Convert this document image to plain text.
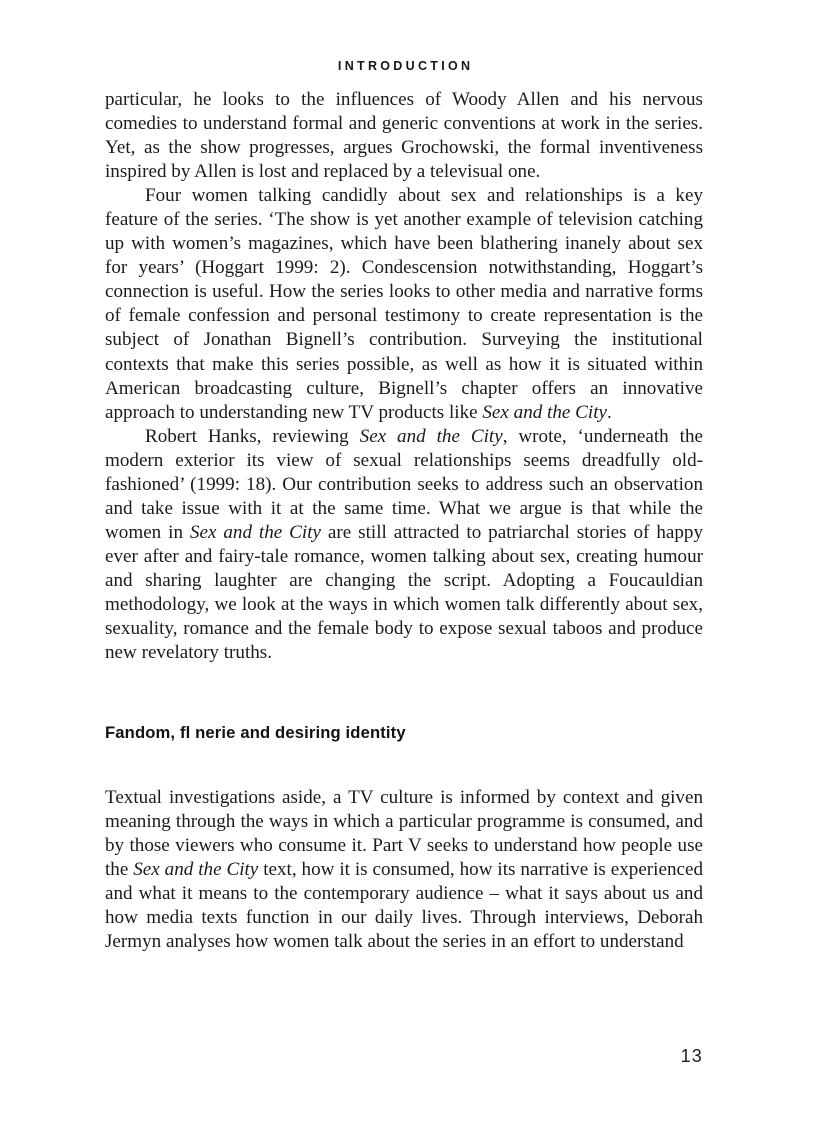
INTRODUCTION

particular, he looks to the influences of Woody Allen and his nervous comedies to understand formal and generic conventions at work in the series. Yet, as the show progresses, argues Grochowski, the formal inventiveness inspired by Allen is lost and replaced by a televisual one.

Four women talking candidly about sex and relationships is a key feature of the series. ‘The show is yet another example of television catching up with women’s magazines, which have been blathering inanely about sex for years’ (Hoggart 1999: 2). Condescension notwithstanding, Hoggart’s connection is useful. How the series looks to other media and narrative forms of female confession and personal testimony to create representation is the subject of Jonathan Bignell’s contribution. Surveying the institutional contexts that make this series possible, as well as how it is situated within American broadcasting culture, Bignell’s chapter offers an innovative approach to understanding new TV products like Sex and the City.

Robert Hanks, reviewing Sex and the City, wrote, ‘underneath the modern exterior its view of sexual relationships seems dreadfully old-fashioned’ (1999: 18). Our contribution seeks to address such an observation and take issue with it at the same time. What we argue is that while the women in Sex and the City are still attracted to patriarchal stories of happy ever after and fairy-tale romance, women talking about sex, creating humour and sharing laughter are changing the script. Adopting a Foucauldian methodology, we look at the ways in which women talk differently about sex, sexuality, romance and the female body to expose sexual taboos and produce new revelatory truths.

Fandom, fl nerie and desiring identity

Textual investigations aside, a TV culture is informed by context and given meaning through the ways in which a particular programme is consumed, and by those viewers who consume it. Part V seeks to understand how people use the Sex and the City text, how it is consumed, how its narrative is experienced and what it means to the contemporary audience – what it says about us and how media texts function in our daily lives. Through interviews, Deborah Jermyn analyses how women talk about the series in an effort to understand

13
